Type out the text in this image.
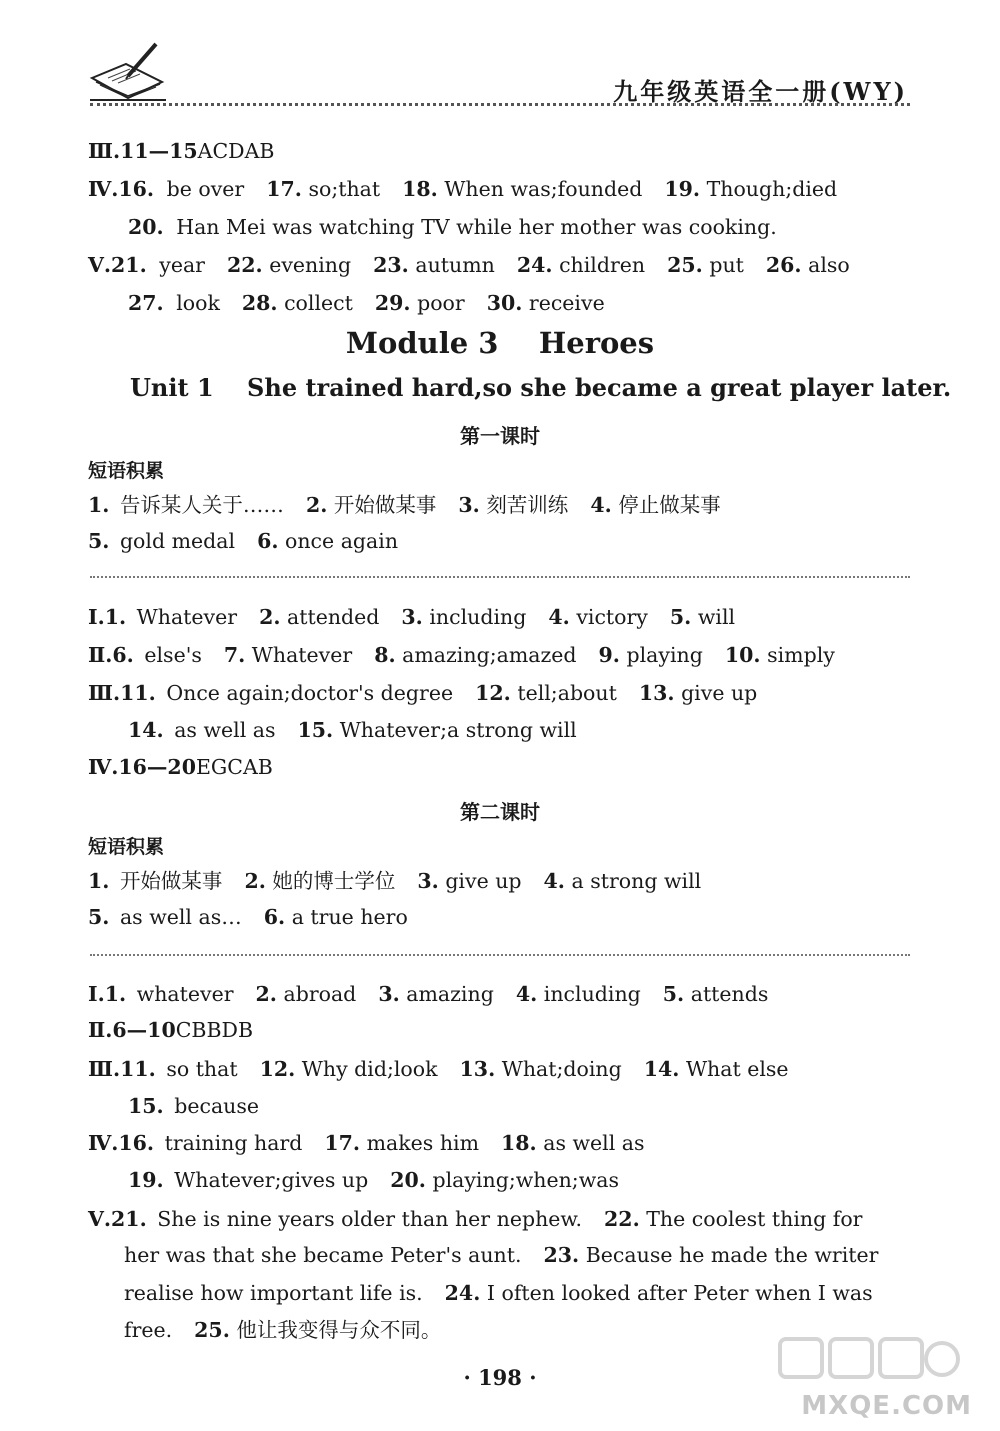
九年级英语全一册(WY)
Ⅲ.11—15ACDAB
Ⅳ.16. be over 17. so;that 18. When was;founded 19. Though;died
20. Han Mei was watching TV while her mother was cooking.
Ⅴ.21. year 22. evening 23. autumn 24. children 25. put 26. also
27. look 28. collect 29. poor 30. receive
Module 3    Heroes
Unit 1    She trained hard,so she became a great player later.
第一课时
短语积累
1. 告诉某人关于…… 2. 开始做某事 3. 刻苦训练 4. 停止做某事
5. gold medal 6. once again
Ⅰ.1. Whatever 2. attended 3. including 4. victory 5. will
Ⅱ.6. else's 7. Whatever 8. amazing;amazed 9. playing 10. simply
Ⅲ.11. Once again;doctor's degree 12. tell;about 13. give up
14. as well as 15. Whatever;a strong will
Ⅳ.16—20EGCAB
第二课时
短语积累
1. 开始做某事 2. 她的博士学位 3. give up 4. a strong will
5. as well as… 6. a true hero
Ⅰ.1. whatever 2. abroad 3. amazing 4. including 5. attends
Ⅱ.6—10CBBDB
Ⅲ.11. so that 12. Why did;look 13. What;doing 14. What else
15. because
Ⅳ.16. training hard 17. makes him 18. as well as
19. Whatever;gives up 20. playing;when;was
Ⅴ.21. She is nine years older than her nephew. 22. The coolest thing for
her was that she became Peter's aunt. 23. Because he made the writer
realise how important life is. 24. I often looked after Peter when I was
free. 25. 他让我变得与众不同。
· 198 ·
MXQE.COM
